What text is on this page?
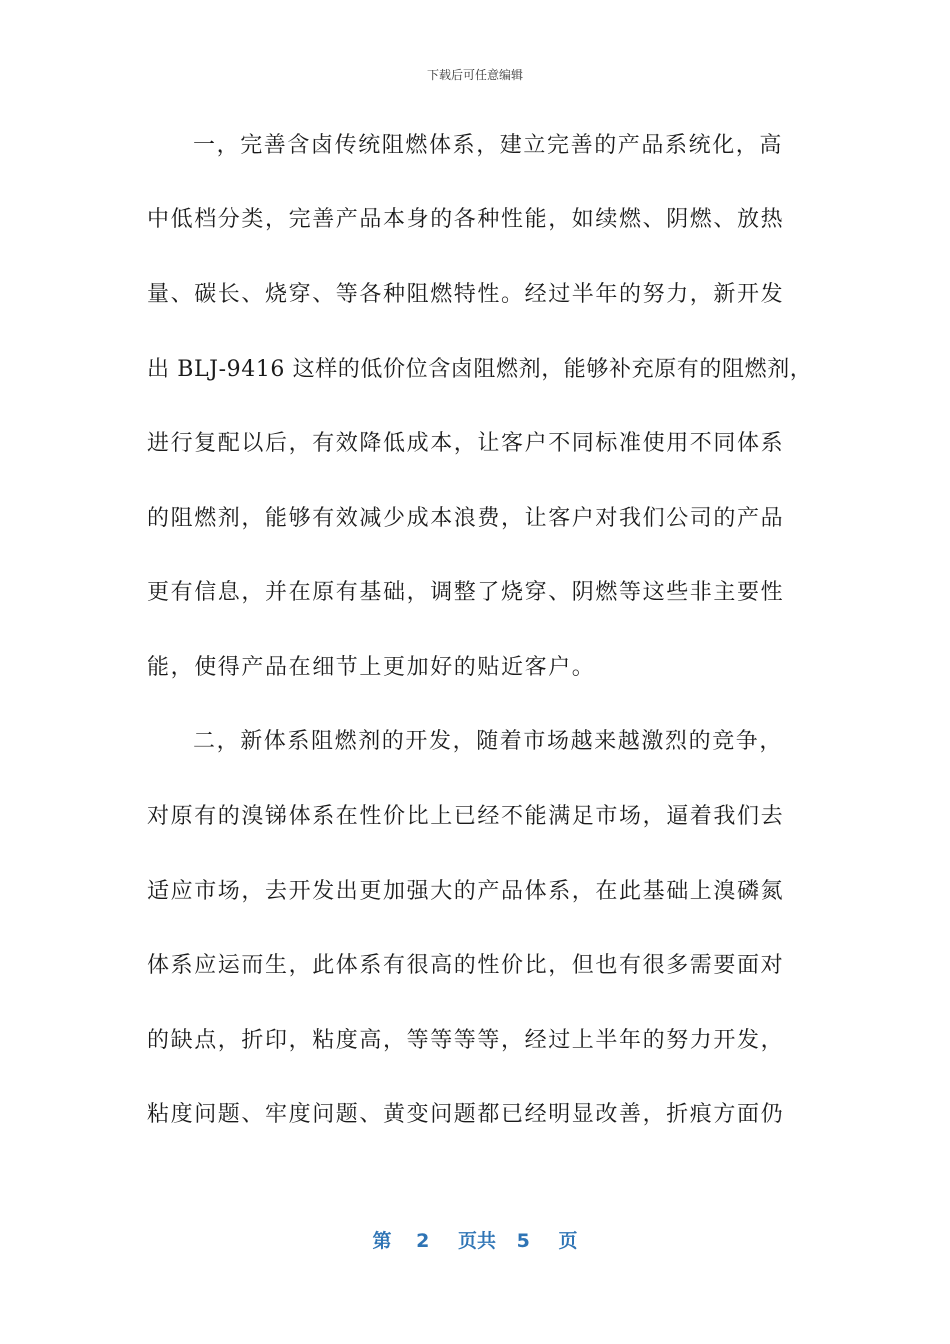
下载后可任意编辑
一，完善含卤传统阻燃体系，建立完善的产品系统化，高
中低档分类，完善产品本身的各种性能，如续燃、阴燃、放热
量、碳长、烧穿、等各种阻燃特性。经过半年的努力，新开发
出 BLJ-9416 这样的低价位含卤阻燃剂，能够补充原有的阻燃剂，
进行复配以后，有效降低成本，让客户不同标准使用不同体系
的阻燃剂，能够有效减少成本浪费，让客户对我们公司的产品
更有信息，并在原有基础，调整了烧穿、阴燃等这些非主要性
能，使得产品在细节上更加好的贴近客户。
二，新体系阻燃剂的开发，随着市场越来越激烈的竞争，
对原有的溴锑体系在性价比上已经不能满足市场，逼着我们去
适应市场，去开发出更加强大的产品体系，在此基础上溴磷氮
体系应运而生，此体系有很高的性价比，但也有很多需要面对
的缺点，折印，粘度高，等等等等，经过上半年的努力开发，
粘度问题、牢度问题、黄变问题都已经明显改善，折痕方面仍
第 2 页共 5 页
